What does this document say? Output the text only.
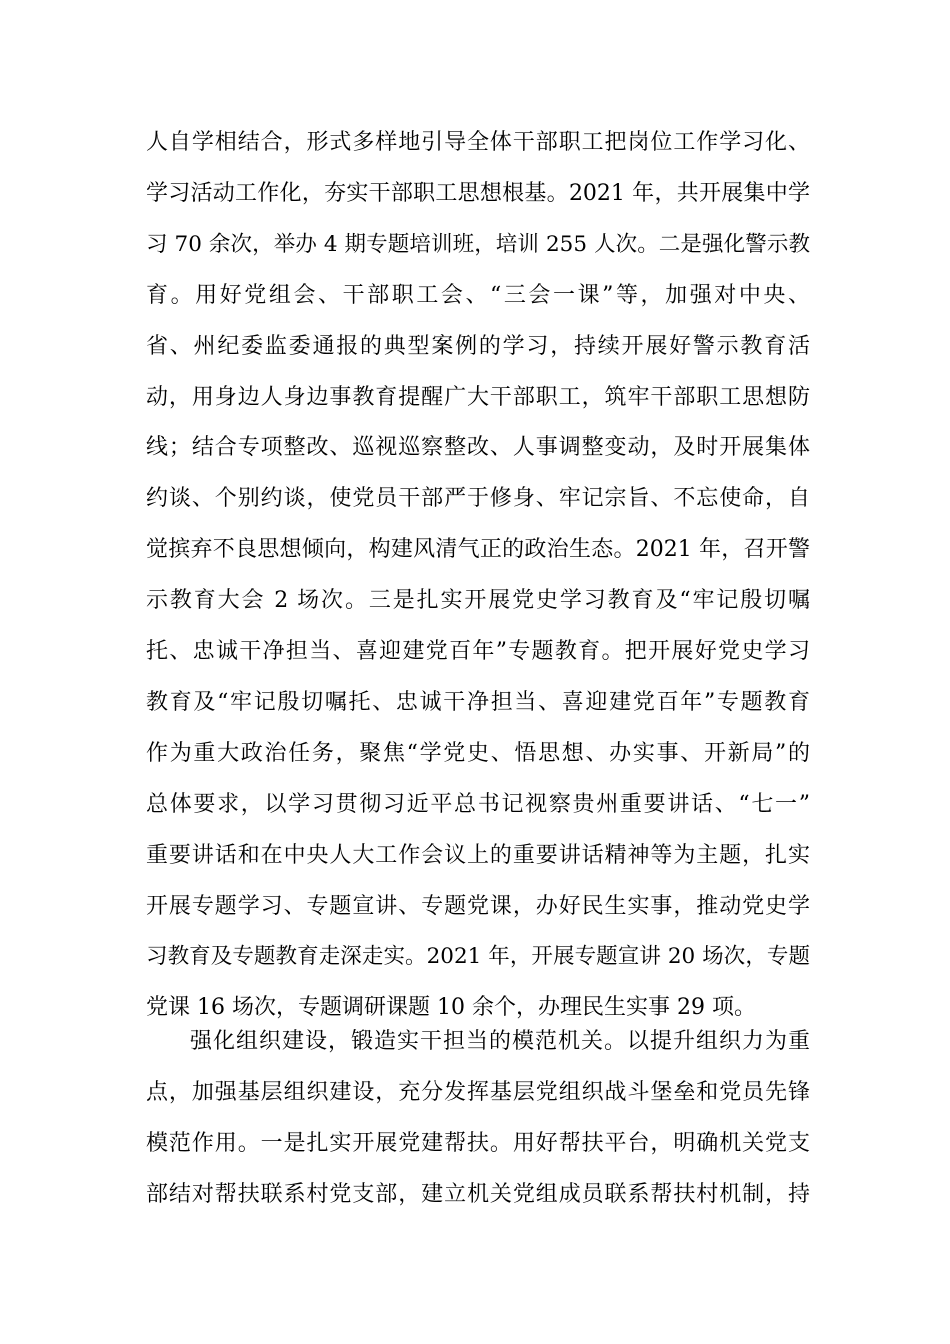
人自学相结合，形式多样地引导全体干部职工把岗位工作学习化、
学习活动工作化，夯实干部职工思想根基。2021 年，共开展集中学
习 70 余次，举办 4 期专题培训班，培训 255 人次。二是强化警示教
育。用好党组会、干部职工会、“三会一课”等，加强对中央、
省、州纪委监委通报的典型案例的学习，持续开展好警示教育活
动，用身边人身边事教育提醒广大干部职工，筑牢干部职工思想防
线；结合专项整改、巡视巡察整改、人事调整变动，及时开展集体
约谈、个别约谈，使党员干部严于修身、牢记宗旨、不忘使命，自
觉摈弃不良思想倾向，构建风清气正的政治生态。2021 年，召开警
示教育大会 2 场次。三是扎实开展党史学习教育及“牢记殷切嘱
托、忠诚干净担当、喜迎建党百年”专题教育。把开展好党史学习
教育及“牢记殷切嘱托、忠诚干净担当、喜迎建党百年”专题教育
作为重大政治任务，聚焦“学党史、悟思想、办实事、开新局”的
总体要求，以学习贯彻习近平总书记视察贵州重要讲话、“七一”
重要讲话和在中央人大工作会议上的重要讲话精神等为主题，扎实
开展专题学习、专题宣讲、专题党课，办好民生实事，推动党史学
习教育及专题教育走深走实。2021 年，开展专题宣讲 20 场次，专题
党课 16 场次，专题调研课题 10 余个，办理民生实事 29 项。
强化组织建设，锻造实干担当的模范机关。以提升组织力为重
点，加强基层组织建设，充分发挥基层党组织战斗堡垒和党员先锋
模范作用。一是扎实开展党建帮扶。用好帮扶平台，明确机关党支
部结对帮扶联系村党支部，建立机关党组成员联系帮扶村机制，持
